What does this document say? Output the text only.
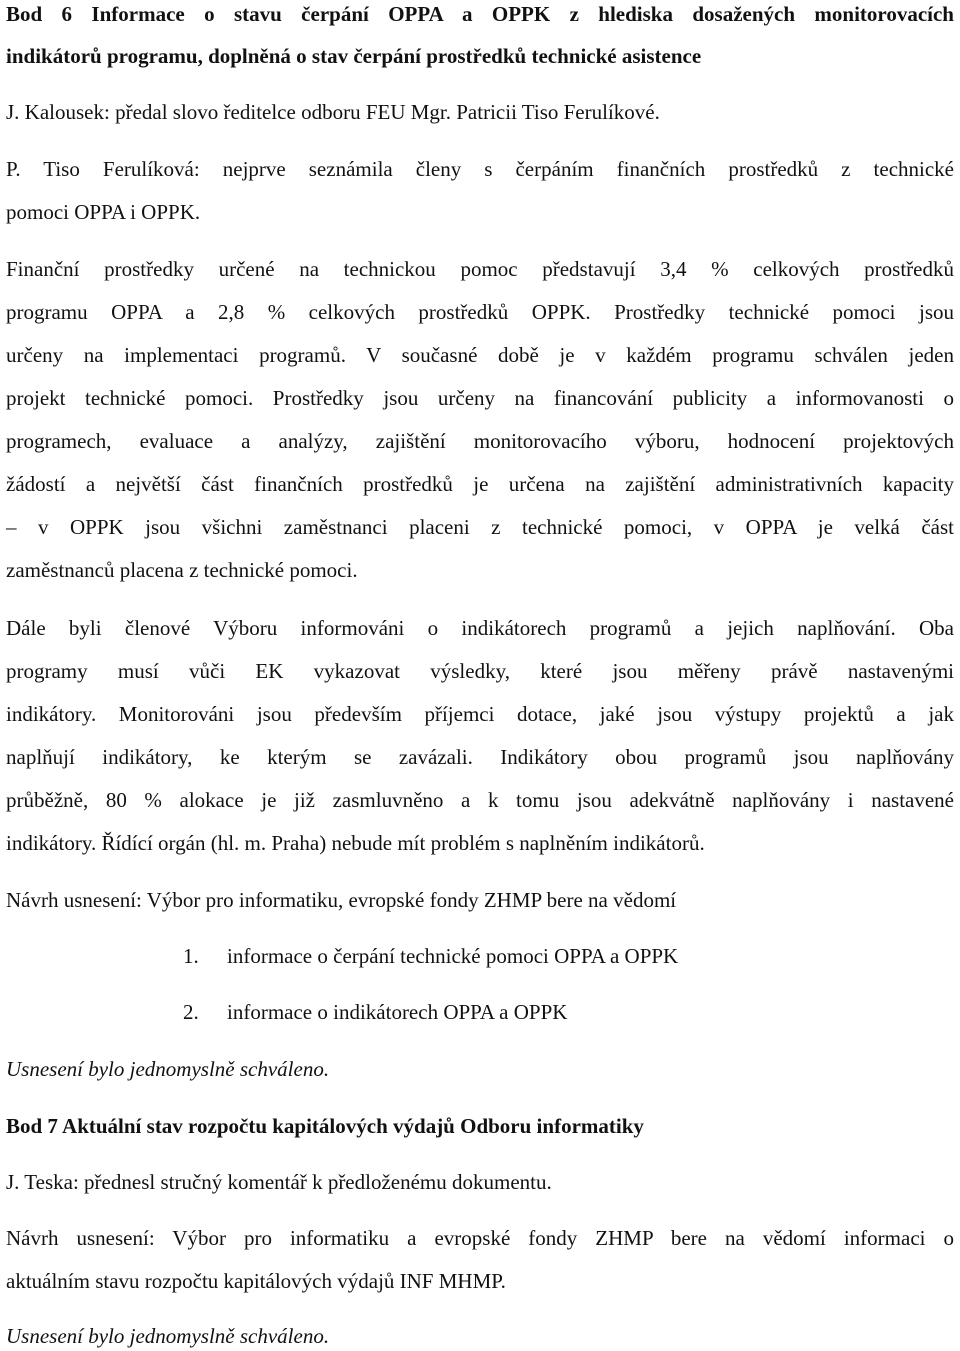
Bod 6 Informace o stavu čerpání OPPA a OPPK z hlediska dosažených monitorovacích
indikátorů programu, doplněná o stav čerpání prostředků technické asistence
J. Kalousek: předal slovo ředitelce odboru FEU Mgr. Patricii Tiso Ferulíkové.
P. Tiso Ferulíková: nejprve seznámila členy s čerpáním finančních prostředků z technické
pomoci OPPA i OPPK.
Finanční prostředky určené na technickou pomoc představují 3,4 % celkových prostředků
programu OPPA a 2,8 % celkových prostředků OPPK. Prostředky technické pomoci jsou
určeny na implementaci programů. V současné době je v každém programu schválen jeden
projekt technické pomoci. Prostředky jsou určeny na financování publicity a informovanosti o
programech, evaluace a analýzy, zajištění monitorovacího výboru, hodnocení projektových
žádostí a největší část finančních prostředků je určena na zajištění administrativních kapacity
– v OPPK jsou všichni zaměstnanci placeni z technické pomoci, v OPPA je velká část
zaměstnanců placena z technické pomoci.
Dále byli členové Výboru informováni o indikátorech programů a jejich naplňování. Oba
programy musí vůči EK vykazovat výsledky, které jsou měřeny právě nastavenými
indikátory. Monitorováni jsou především příjemci dotace, jaké jsou výstupy projektů a jak
naplňují indikátory, ke kterým se zavázali. Indikátory obou programů jsou naplňovány
průběžně, 80 % alokace je již zasmluvněno a k tomu jsou adekvátně naplňovány i nastavené
indikátory. Řídící orgán (hl. m. Praha) nebude mít problém s naplněním indikátorů.
Návrh usnesení: Výbor pro informatiku, evropské fondy ZHMP bere na vědomí
1. informace o čerpání technické pomoci OPPA a OPPK
2. informace o indikátorech OPPA a OPPK
Usnesení bylo jednomyslně schváleno.
Bod 7 Aktuální stav rozpočtu kapitálových výdajů Odboru informatiky
J. Teska: přednesl stručný komentář k předloženému dokumentu.
Návrh usnesení: Výbor pro informatiku a evropské fondy ZHMP bere na vědomí informaci o
aktuálním stavu rozpočtu kapitálových výdajů INF MHMP.
Usnesení bylo jednomyslně schváleno.
